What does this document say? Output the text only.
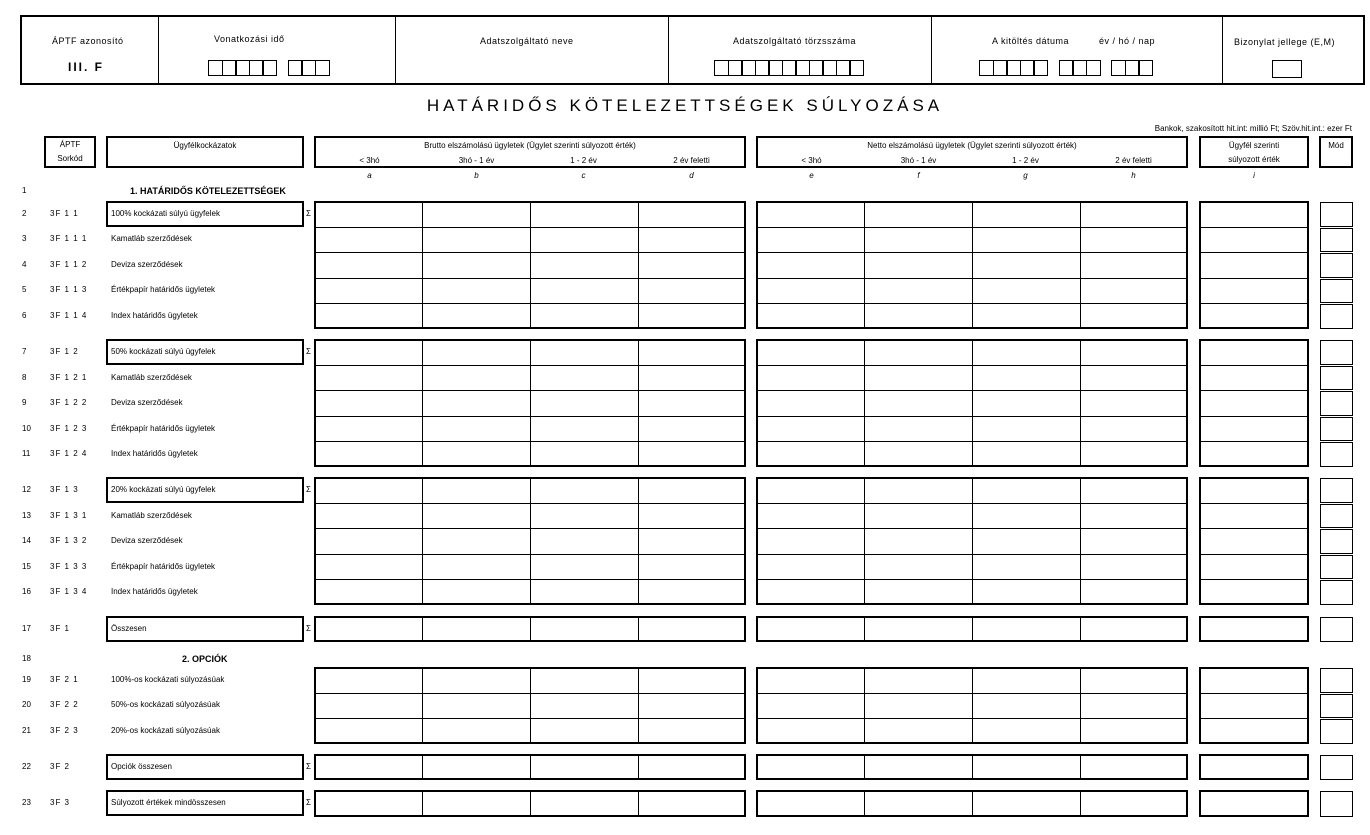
ÁPTF azonosító
III. F
Vonatkozási idő	Adatszolgáltató neve	Adatszolgáltató törzsszáma	A kitöltés dátuma	év / hó / nap	Bizonylat jellege (E,M)
HATÁRIDŐS KÖTELEZETTSÉGEK SÚLYOZÁSA
Bankok, szakosított hit.int: millió Ft; Szöv.hit.int.: ezer Ft
ÁPTF
Sorkód
Ügyfélkockázatok	Brutto elszámolású ügyletek (Ügylet szerinti súlyozott érték)	Netto elszámolású ügyletek (Ügylet szerinti súlyozott érték)	Ügyfél szerinti
súlyozott érték
Mód
< 3hó	3hó - 1 év	1 - 2 év	2 év feletti	< 3hó	3hó - 1 év	1 - 2 év	2 év feletti
a	b	c	d	e	f	g	h	i
1	1. HATÁRIDŐS KÖTELEZETTSÉGEK
2	3F 1 1	100% kockázati súlyú ügyfelek	Σ
3	3F 1 1 1	Kamatláb szerződések
4	3F 1 1 2	Deviza szerződések
5	3F 1 1 3	Értékpapír határidős ügyletek
6	3F 1 1 4	Index határidős ügyletek
7	3F 1 2	50% kockázati súlyú ügyfelek	Σ
8	3F 1 2 1	Kamatláb szerződések
9	3F 1 2 2	Deviza szerződések
10 3F 1 2 3	Értékpapír határidős ügyletek
11 3F 1 2 4	Index határidős ügyletek
12 3F 1 3	20% kockázati súlyú ügyfelek	Σ
13 3F 1 3 1	Kamatláb szerződések
14 3F 1 3 2	Deviza szerződések
15 3F 1 3 3	Értékpapír határidős ügyletek
16 3F 1 3 4	Index határidős ügyletek
17 3F 1	Összesen	Σ
18	2. OPCIÓK
19 3F 2 1	100%-os kockázati súlyozásúak
20 3F 2 2	50%-os kockázati súlyozásúak
21 3F 2 3	20%-os kockázati súlyozásúak
22 3F 2	Opciók összesen	Σ
23 3F 3	Súlyozott értékek mindösszesen	Σ
